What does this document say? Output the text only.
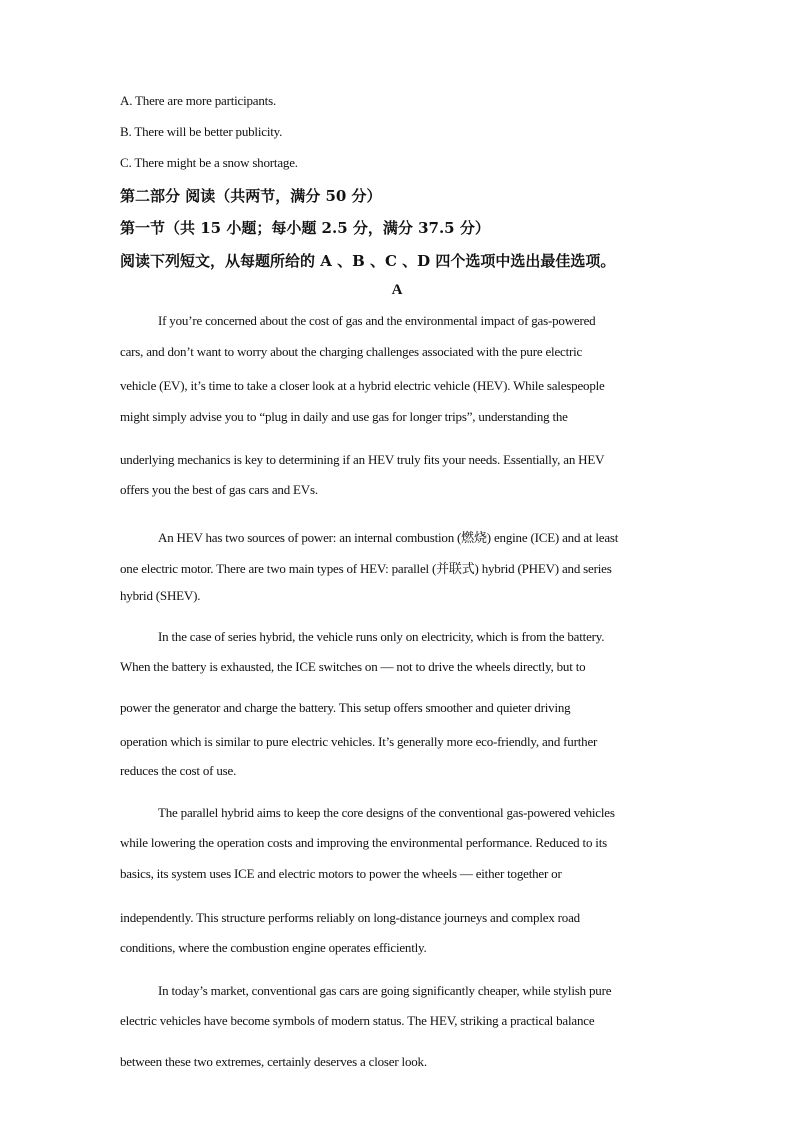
A. There are more participants.
B. There will be better publicity.
C. There might be a snow shortage.
第二部分 阅读（共两节，满分 50 分）
第一节（共 15 小题；每小题 2.5 分，满分 37.5 分）
阅读下列短文，从每题所给的 A 、B 、C 、D 四个选项中选出最佳选项。
A
If you’re concerned about the cost of gas and the environmental impact of gas-powered
cars, and don’t want to worry about the charging challenges associated with the pure electric
vehicle (EV), it’s time to take a closer look at a hybrid electric vehicle (HEV). While salespeople
might simply advise you to “plug in daily and use gas for longer trips”, understanding the
underlying mechanics is key to determining if an HEV truly fits your needs. Essentially, an HEV
offers you the best of gas cars and EVs.
An HEV has two sources of power: an internal combustion (燃烧) engine (ICE) and at least
one electric motor. There are two main types of HEV: parallel (并联式) hybrid (PHEV) and series
hybrid (SHEV).
In the case of series hybrid, the vehicle runs only on electricity, which is from the battery.
When the battery is exhausted, the ICE switches on — not to drive the wheels directly, but to
power the generator and charge the battery. This setup offers smoother and quieter driving
operation which is similar to pure electric vehicles. It’s generally more eco-friendly, and further
reduces the cost of use.
The parallel hybrid aims to keep the core designs of the conventional gas-powered vehicles
while lowering the operation costs and improving the environmental performance. Reduced to its
basics, its system uses ICE and electric motors to power the wheels — either together or
independently. This structure performs reliably on long-distance journeys and complex road
conditions, where the combustion engine operates efficiently.
In today’s market, conventional gas cars are going significantly cheaper, while stylish pure
electric vehicles have become symbols of modern status. The HEV, striking a practical balance
between these two extremes, certainly deserves a closer look.
